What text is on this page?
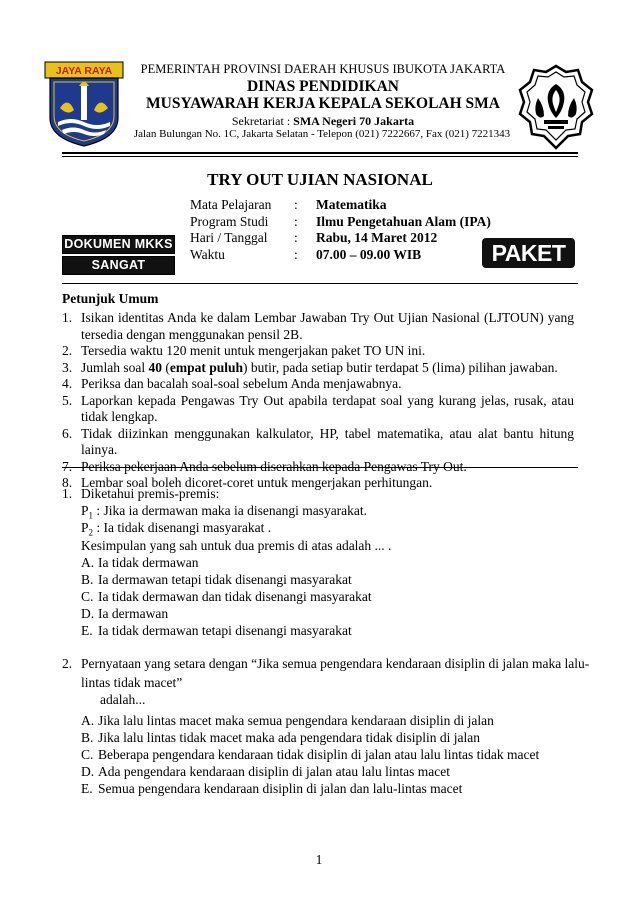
JAYA RAYA	PEMERINTAH PROVINSI DAERAH KHUSUS IBUKOTA JAKARTA
DINAS PENDIDIKAN
MUSYAWARAH KERJA KEPALA SEKOLAH SMA
Sekretariat : SMA Negeri 70 Jakarta
Jalan Bulungan No. 1C, Jakarta Selatan - Telepon (021) 7222667, Fax (021) 7221343
TRY OUT UJIAN NASIONAL
Mata Pelajaran	:	Matematika
Program Studi	:	Ilmu Pengetahuan Alam (IPA)
Hari / Tanggal	:	Rabu, 14 Maret 2012
Waktu	:	07.00 – 09.00 WIB
DOKUMEN MKKS
SANGAT RAHASIA
PAKET A
Petunjuk Umum
1. Isikan identitas Anda ke dalam Lembar Jawaban Try Out Ujian Nasional (LJTOUN) yang tersedia dengan menggunakan pensil 2B.
2. Tersedia waktu 120 menit untuk mengerjakan paket TO UN ini.
3. Jumlah soal 40 (empat puluh) butir, pada setiap butir terdapat 5 (lima) pilihan jawaban.
4. Periksa dan bacalah soal-soal sebelum Anda menjawabnya.
5. Laporkan kepada Pengawas Try Out apabila terdapat soal yang kurang jelas, rusak, atau tidak lengkap.
6. Tidak diizinkan menggunakan kalkulator, HP, tabel matematika, atau alat bantu hitung lainya.
7. Periksa pekerjaan Anda sebelum diserahkan kepada Pengawas Try Out.
8. Lembar soal boleh dicoret-coret untuk mengerjakan perhitungan.
1. Diketahui premis-premis:
$P_1$ : Jika ia dermawan maka ia disenangi masyarakat.
$P_2$ : Ia tidak disenangi masyarakat .
Kesimpulan yang sah untuk dua premis di atas adalah ... .
A. Ia tidak dermawan
B. Ia dermawan tetapi tidak disenangi masyarakat
C. Ia tidak dermawan dan tidak disenangi masyarakat
D. Ia dermawan
E. Ia tidak dermawan tetapi disenangi masyarakat
2. Pernyataan yang setara dengan “Jika semua pengendara kendaraan disiplin di jalan maka lalu-
lintas tidak macet”
adalah...
A. Jika lalu lintas macet maka semua pengendara kendaraan disiplin di jalan
B. Jika lalu lintas tidak macet maka ada pengendara tidak disiplin di jalan
C. Beberapa pengendara kendaraan tidak disiplin di jalan atau lalu lintas tidak macet
D. Ada pengendara kendaraan disiplin di jalan atau lalu lintas macet
E. Semua pengendara kendaraan disiplin di jalan dan lalu-lintas macet
1
